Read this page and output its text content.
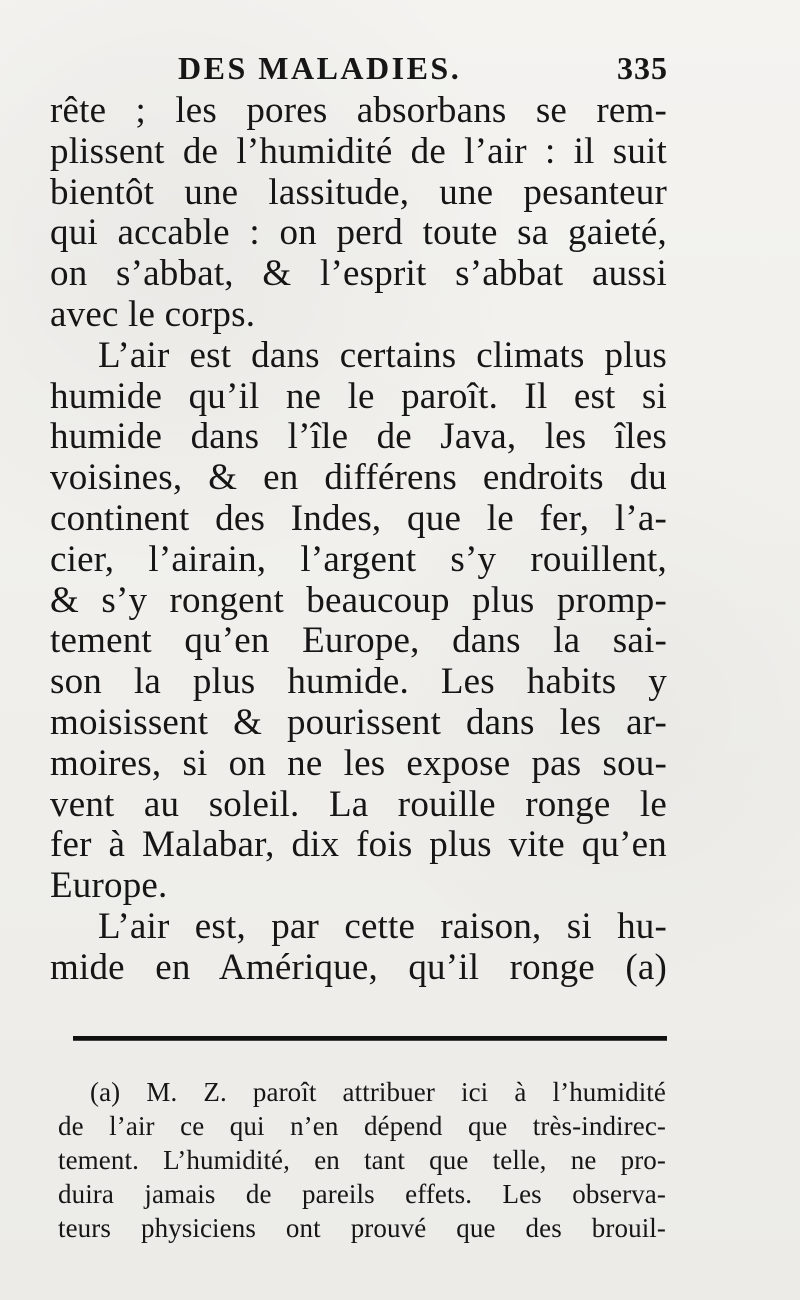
DES MALADIES.	335
rête ; les pores absorbans se rem-
plissent de l’humidité de l’air : il suit
bientôt une lassitude, une pesanteur
qui accable : on perd toute sa gaieté,
on s’abbat, & l’esprit s’abbat aussi
avec le corps.
L’air est dans certains climats plus
humide qu’il ne le paroît. Il est si
humide dans l’île de Java, les îles
voisines, & en différens endroits du
continent des Indes, que le fer, l’a-
cier, l’airain, l’argent s’y rouillent,
& s’y rongent beaucoup plus promp-
tement qu’en Europe, dans la sai-
son la plus humide. Les habits y
moisissent & pourissent dans les ar-
moires, si on ne les expose pas sou-
vent au soleil. La rouille ronge le
fer à Malabar, dix fois plus vite qu’en
Europe.
L’air est, par cette raison, si hu-
mide en Amérique, qu’il ronge (a)
(a) M. Z. paroît attribuer ici à l’humidité
de l’air ce qui n’en dépend que très-indirec-
tement. L’humidité, en tant que telle, ne pro-
duira jamais de pareils effets. Les observa-
teurs physiciens ont prouvé que des brouil-
